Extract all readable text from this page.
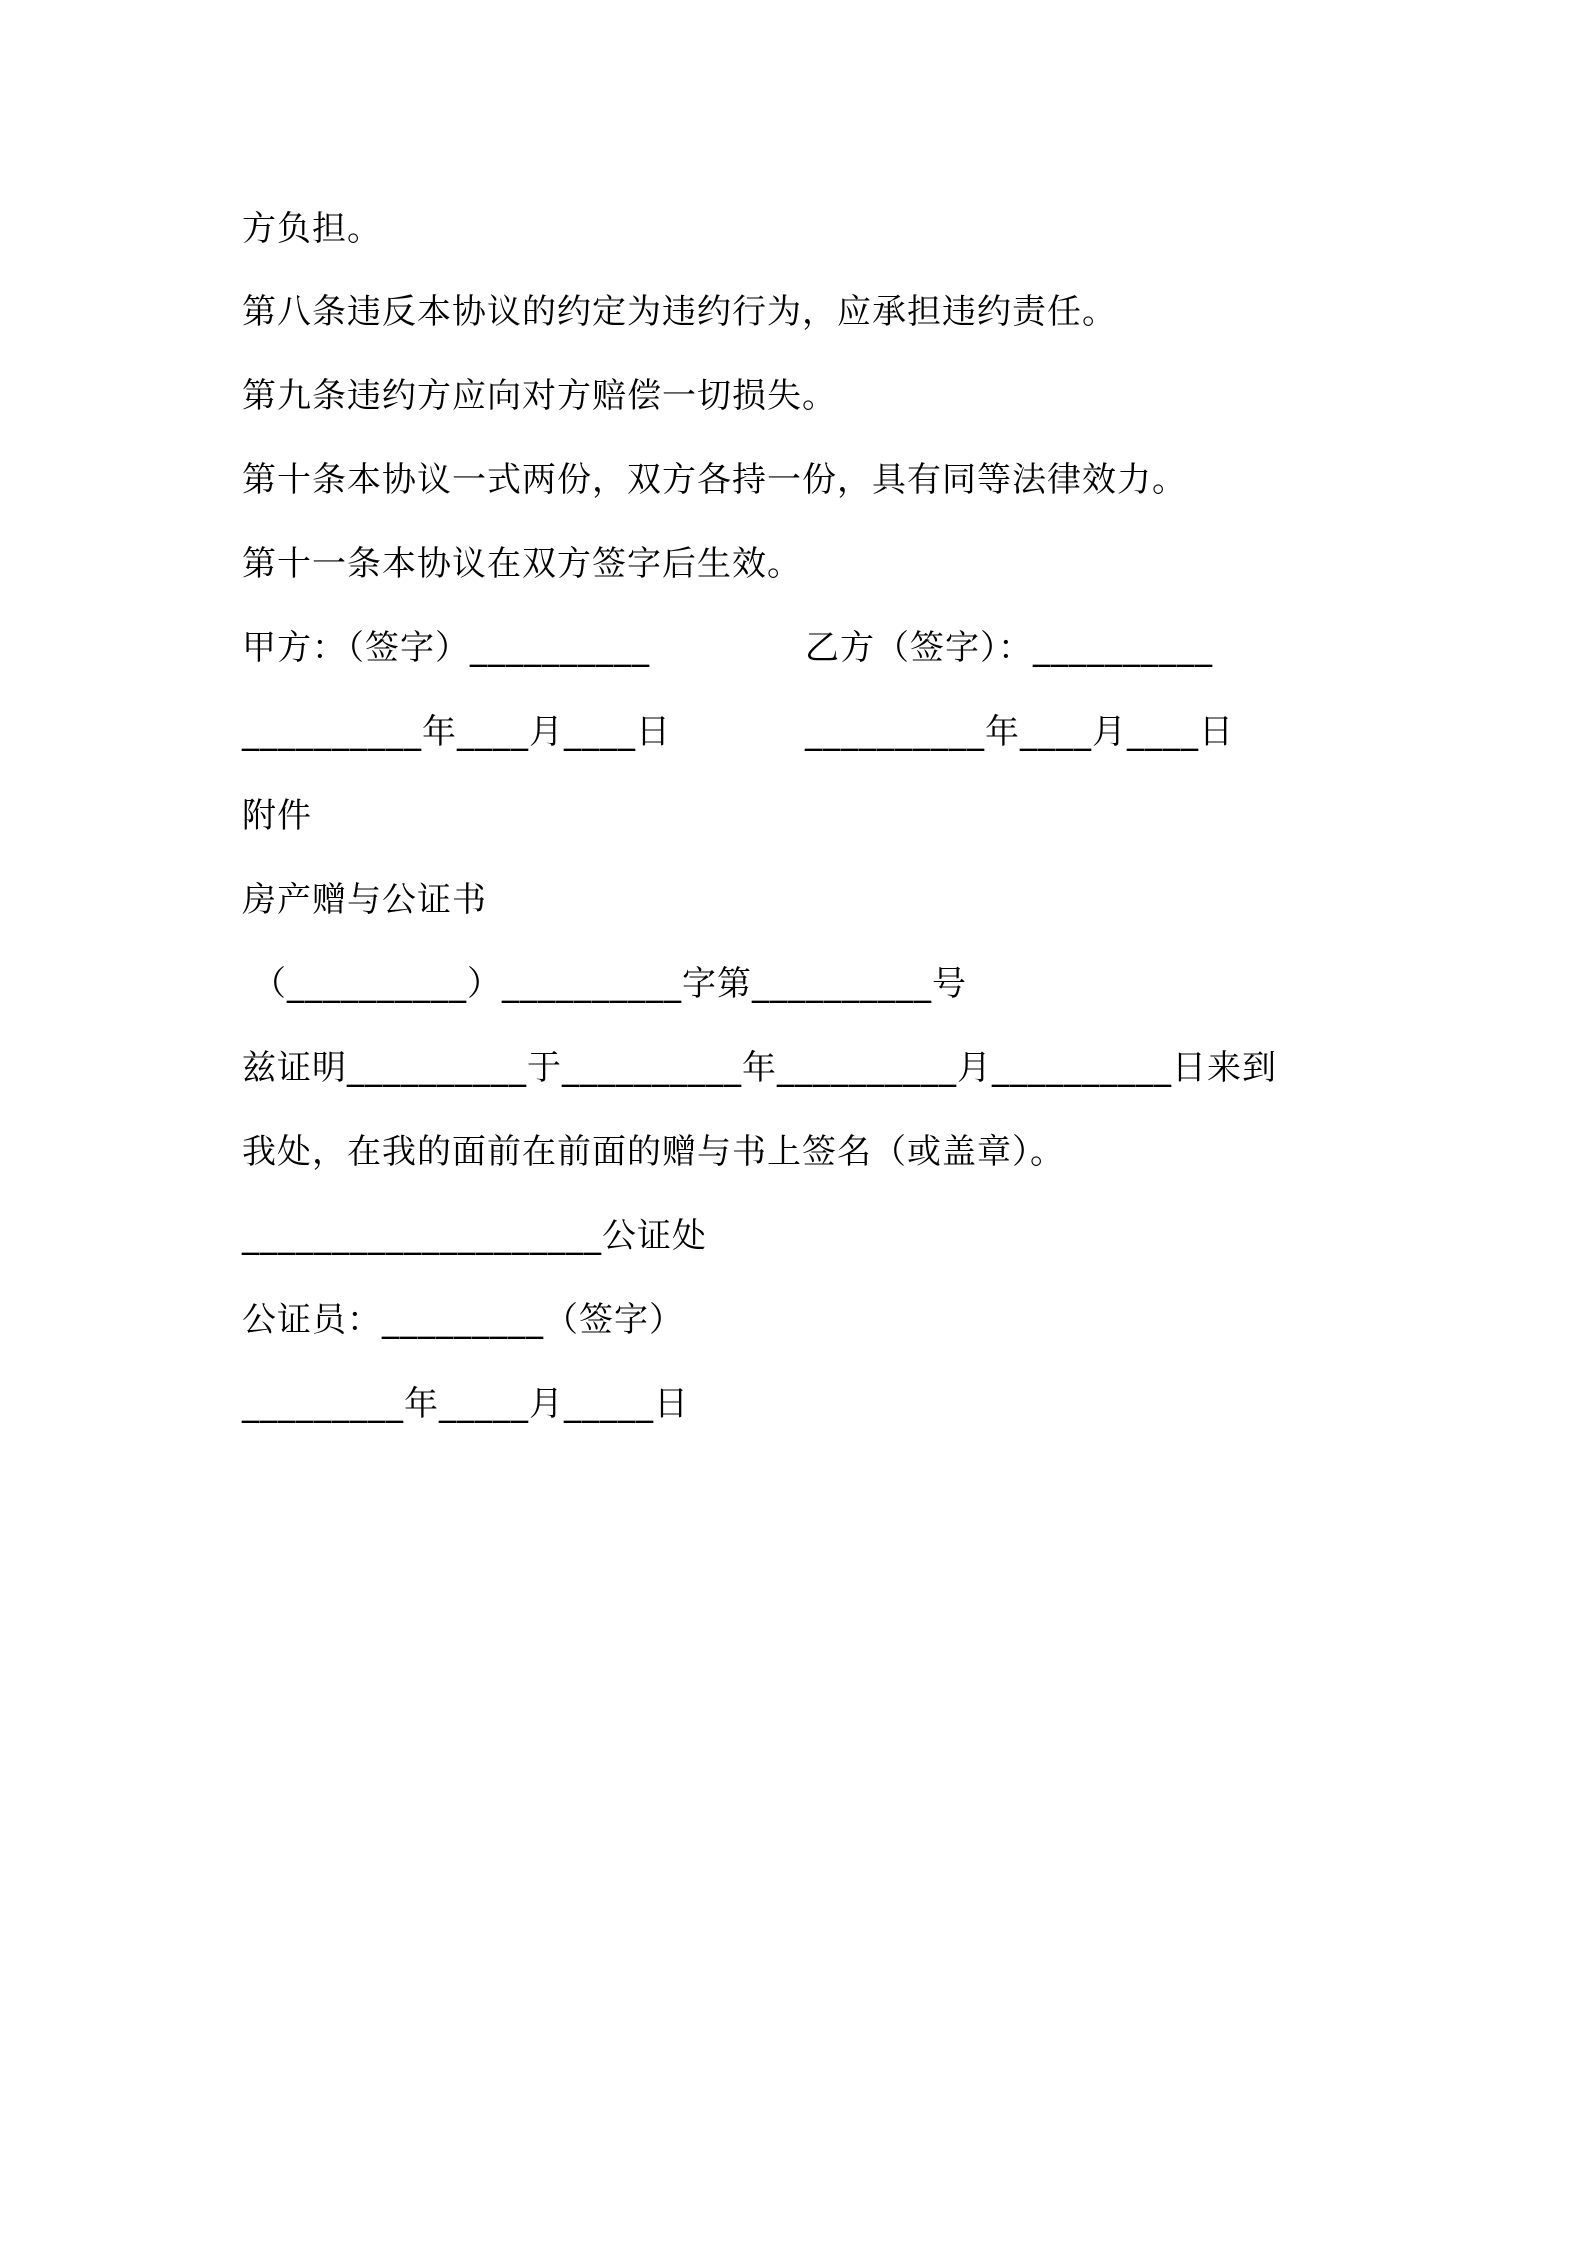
方负担。
第八条违反本协议的约定为违约行为，应承担违约责任。
第九条违约方应向对方赔偿一切损失。
第十条本协议一式两份，双方各持一份，具有同等法律效力。
第十一条本协议在双方签字后生效。
甲方：（签字）__________	乙方（签字）：__________
__________年____月____日	__________年____月____日
附件
房产赠与公证书
（__________）__________字第__________号
兹证明__________于__________年__________月__________日来到
我处，在我的面前在前面的赠与书上签名（或盖章）。
____________________公证处
公证员：_________（签字）
_________年_____月_____日
